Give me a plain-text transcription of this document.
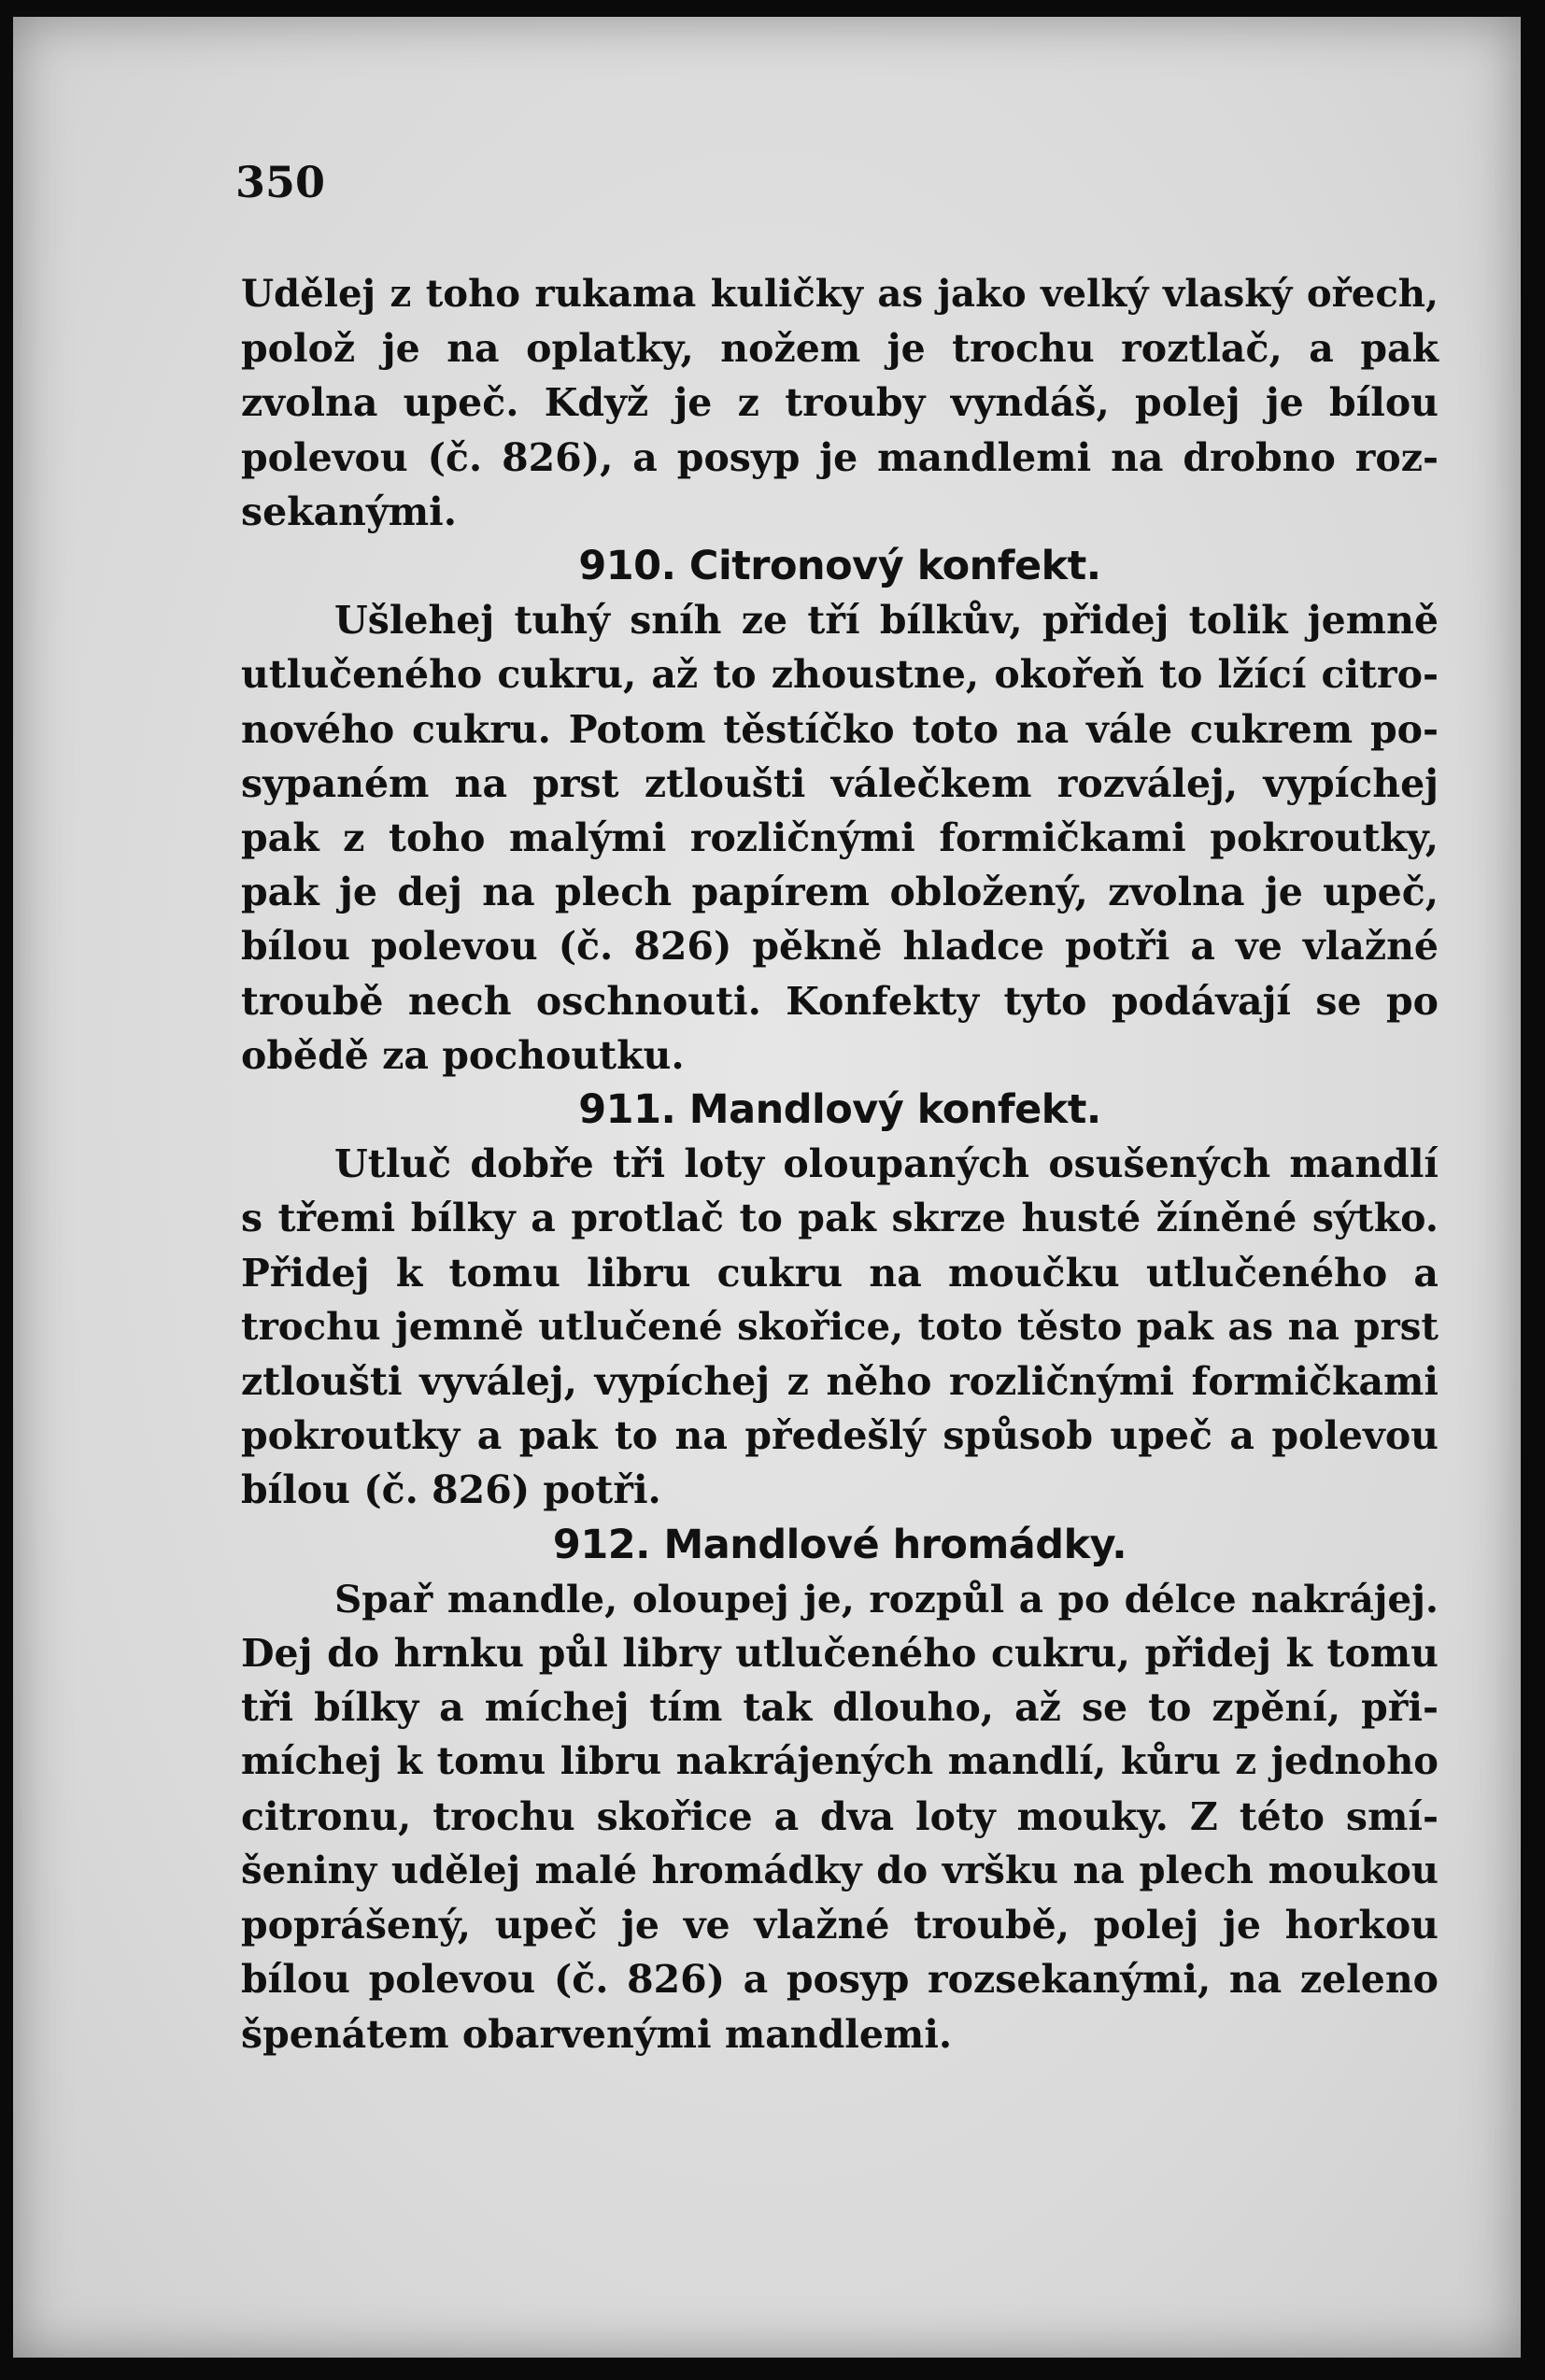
350

Udělej z toho rukama kuličky as jako velký vlaský ořech,
polož je na oplatky, nožem je trochu roztlač, a pak
zvolna upeč. Když je z trouby vyndáš, polej je bílou
polevou (č. 826), a posyp je mandlemi na drobno roz-
sekanými.

910. Citronový konfekt.

Ušlehej tuhý sníh ze tří bílkův, přidej tolik jemně
utlučeného cukru, až to zhoustne, okořeň to lžící citro-
nového cukru. Potom těstíčko toto na vále cukrem po-
sypaném na prst ztloušti válečkem rozválej, vypíchej
pak z toho malými rozličnými formičkami pokroutky,
pak je dej na plech papírem obložený, zvolna je upeč,
bílou polevou (č. 826) pěkně hladce potři a ve vlažné
troubě nech oschnouti. Konfekty tyto podávají se po
obědě za pochoutku.

911. Mandlový konfekt.

Utluč dobře tři loty oloupaných osušených mandlí
s třemi bílky a protlač to pak skrze husté žíněné sýtko.
Přidej k tomu libru cukru na moučku utlučeného a
trochu jemně utlučené skořice, toto těsto pak as na prst
ztloušti vyválej, vypíchej z něho rozličnými formičkami
pokroutky a pak to na předešlý spůsob upeč a polevou
bílou (č. 826) potři.

912. Mandlové hromádky.

Spař mandle, oloupej je, rozpůl a po délce nakrájej.
Dej do hrnku půl libry utlučeného cukru, přidej k tomu
tři bílky a míchej tím tak dlouho, až se to zpění, při-
míchej k tomu libru nakrájených mandlí, kůru z jednoho
citronu, trochu skořice a dva loty mouky. Z této smí-
šeniny udělej malé hromádky do vršku na plech moukou
poprášený, upeč je ve vlažné troubě, polej je horkou
bílou polevou (č. 826) a posyp rozsekanými, na zeleno
špenátem obarvenými mandlemi.
